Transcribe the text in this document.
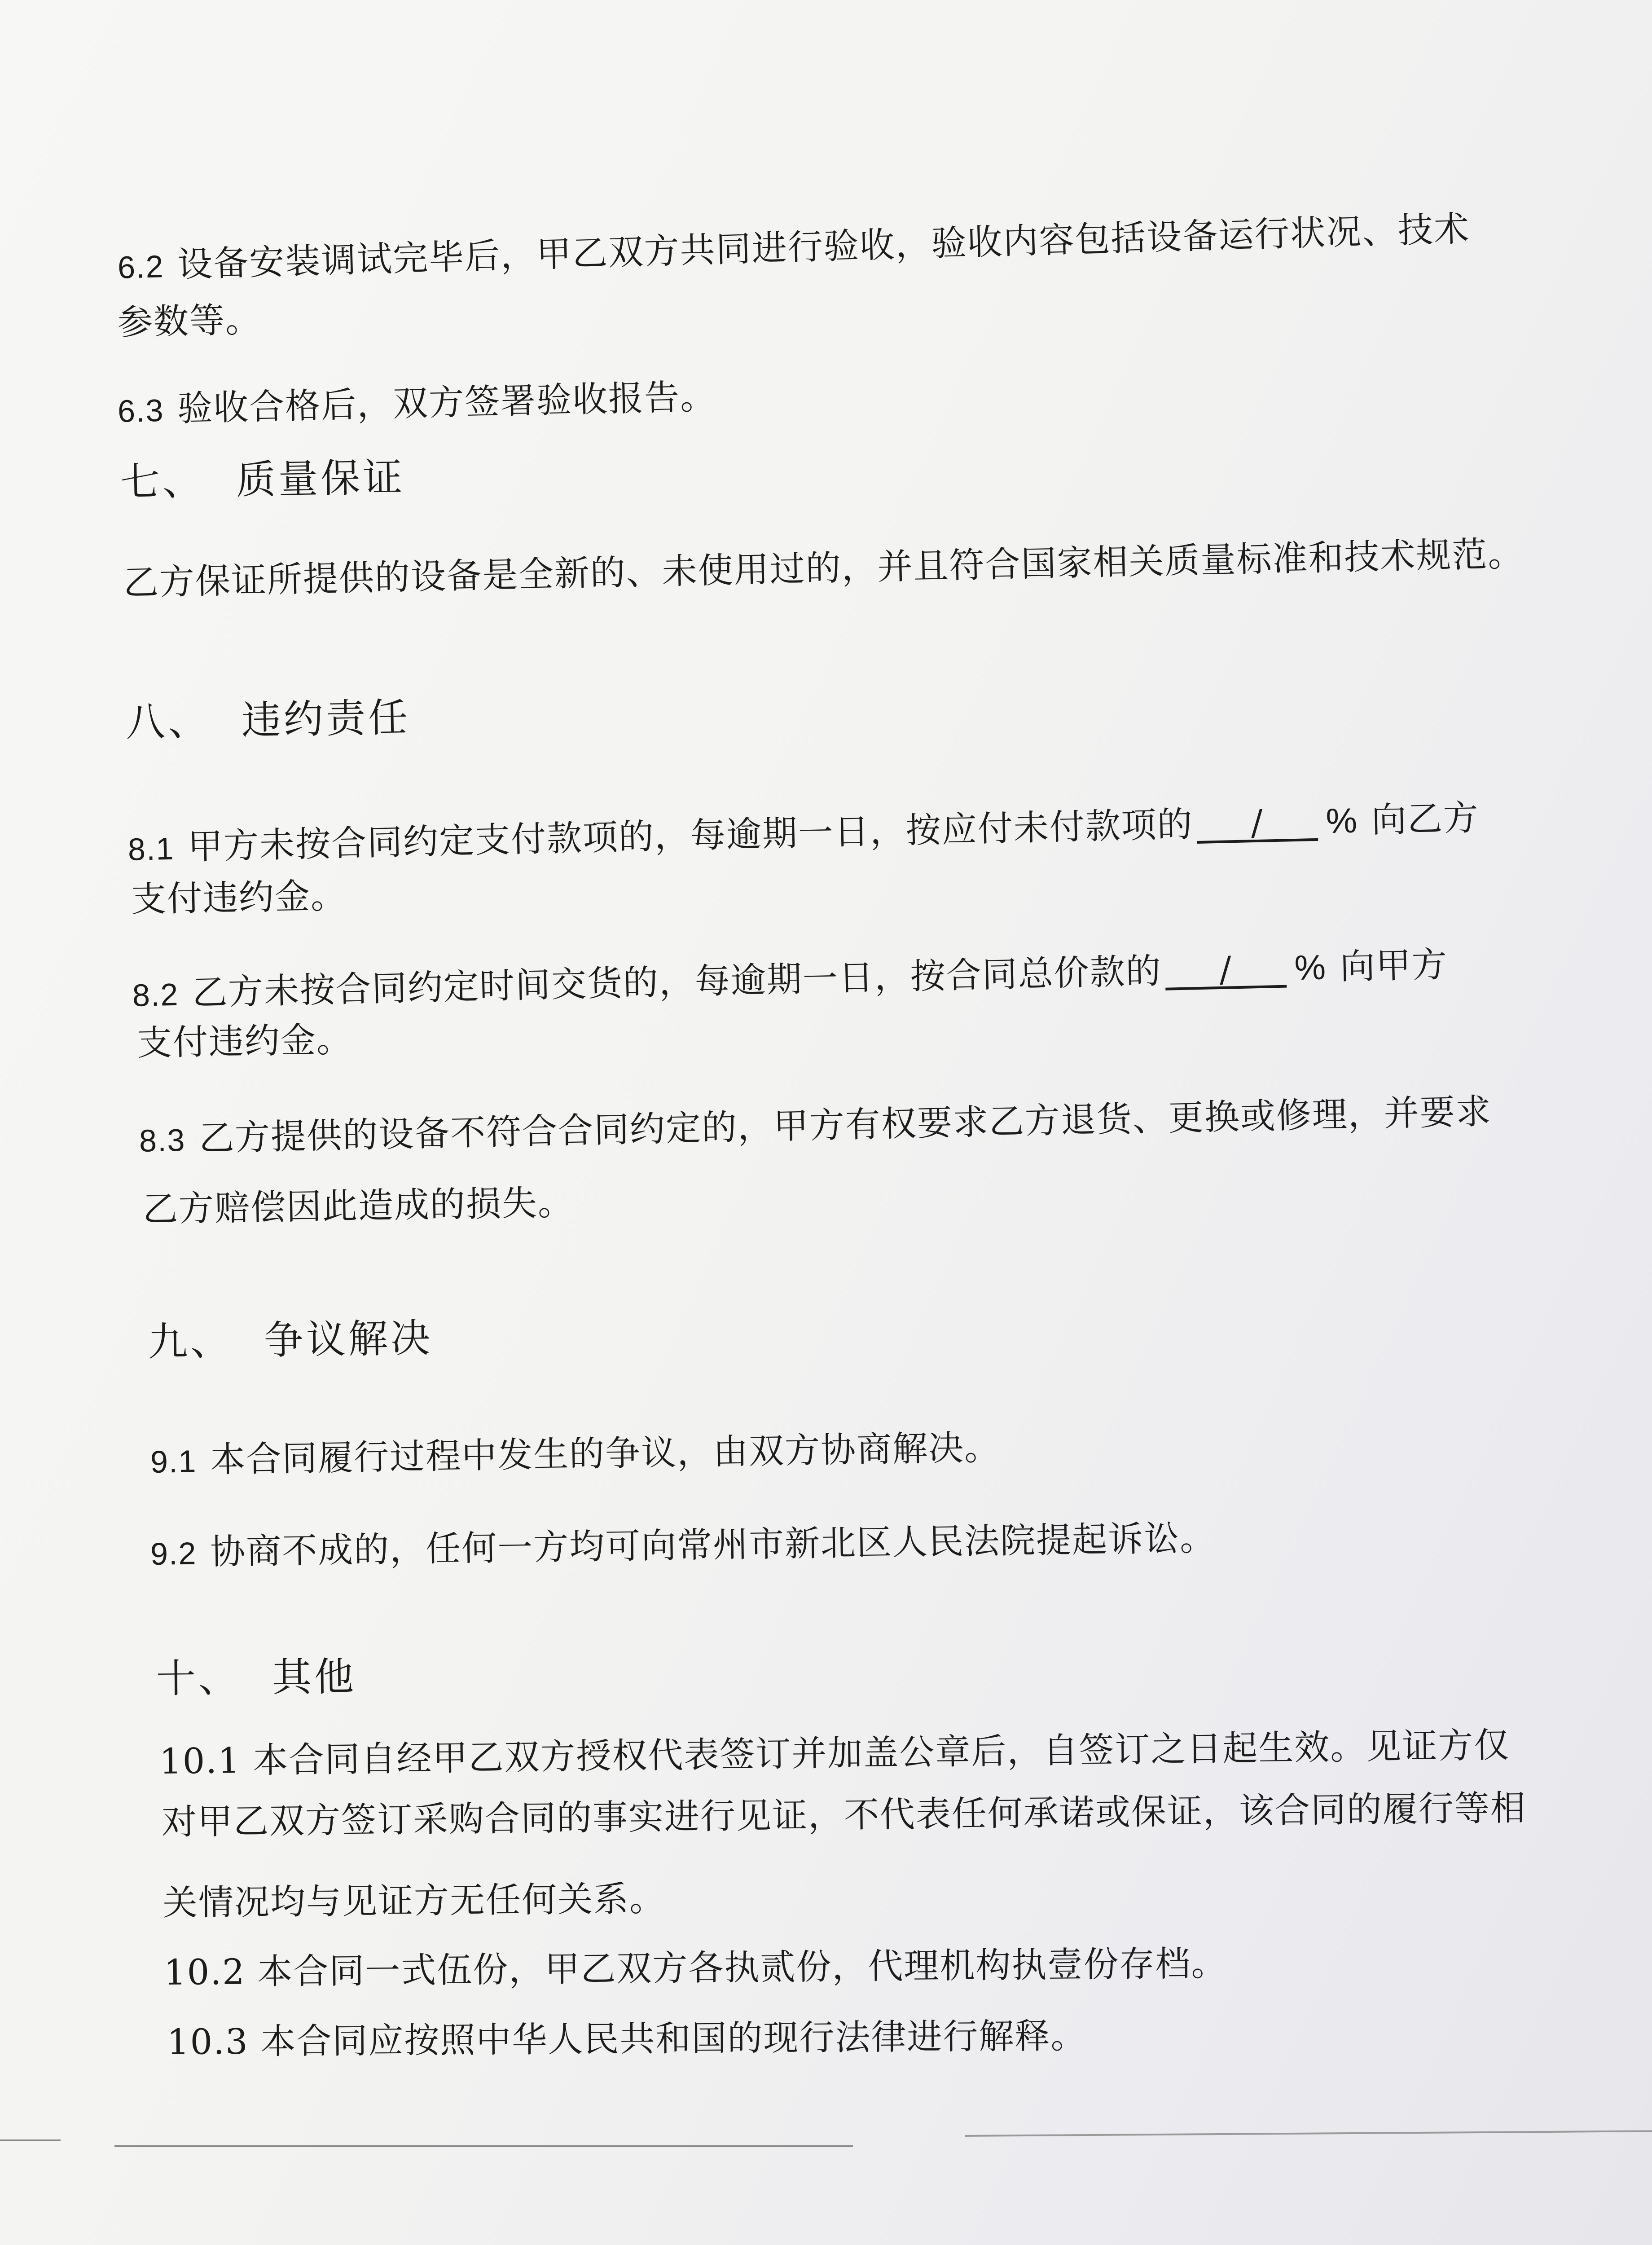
6.2 设备安装调试完毕后，甲乙双方共同进行验收，验收内容包括设备运行状况、技术
参数等。
6.3 验收合格后，双方签署验收报告。
七、 质量保证
乙方保证所提供的设备是全新的、未使用过的，并且符合国家相关质量标准和技术规范。
八、 违约责任
8.1 甲方未按合同约定支付款项的，每逾期一日，按应付未付款项的 / % 向乙方
支付违约金。
8.2 乙方未按合同约定时间交货的，每逾期一日，按合同总价款的 / % 向甲方
支付违约金。
8.3 乙方提供的设备不符合合同约定的，甲方有权要求乙方退货、更换或修理，并要求
乙方赔偿因此造成的损失。
九、 争议解决
9.1 本合同履行过程中发生的争议，由双方协商解决。
9.2 协商不成的，任何一方均可向常州市新北区人民法院提起诉讼。
十、 其他
10.1 本合同自经甲乙双方授权代表签订并加盖公章后，自签订之日起生效。见证方仅
对甲乙双方签订采购合同的事实进行见证，不代表任何承诺或保证，该合同的履行等相
关情况均与见证方无任何关系。
10.2 本合同一式伍份，甲乙双方各执贰份，代理机构执壹份存档。
10.3 本合同应按照中华人民共和国的现行法律进行解释。
